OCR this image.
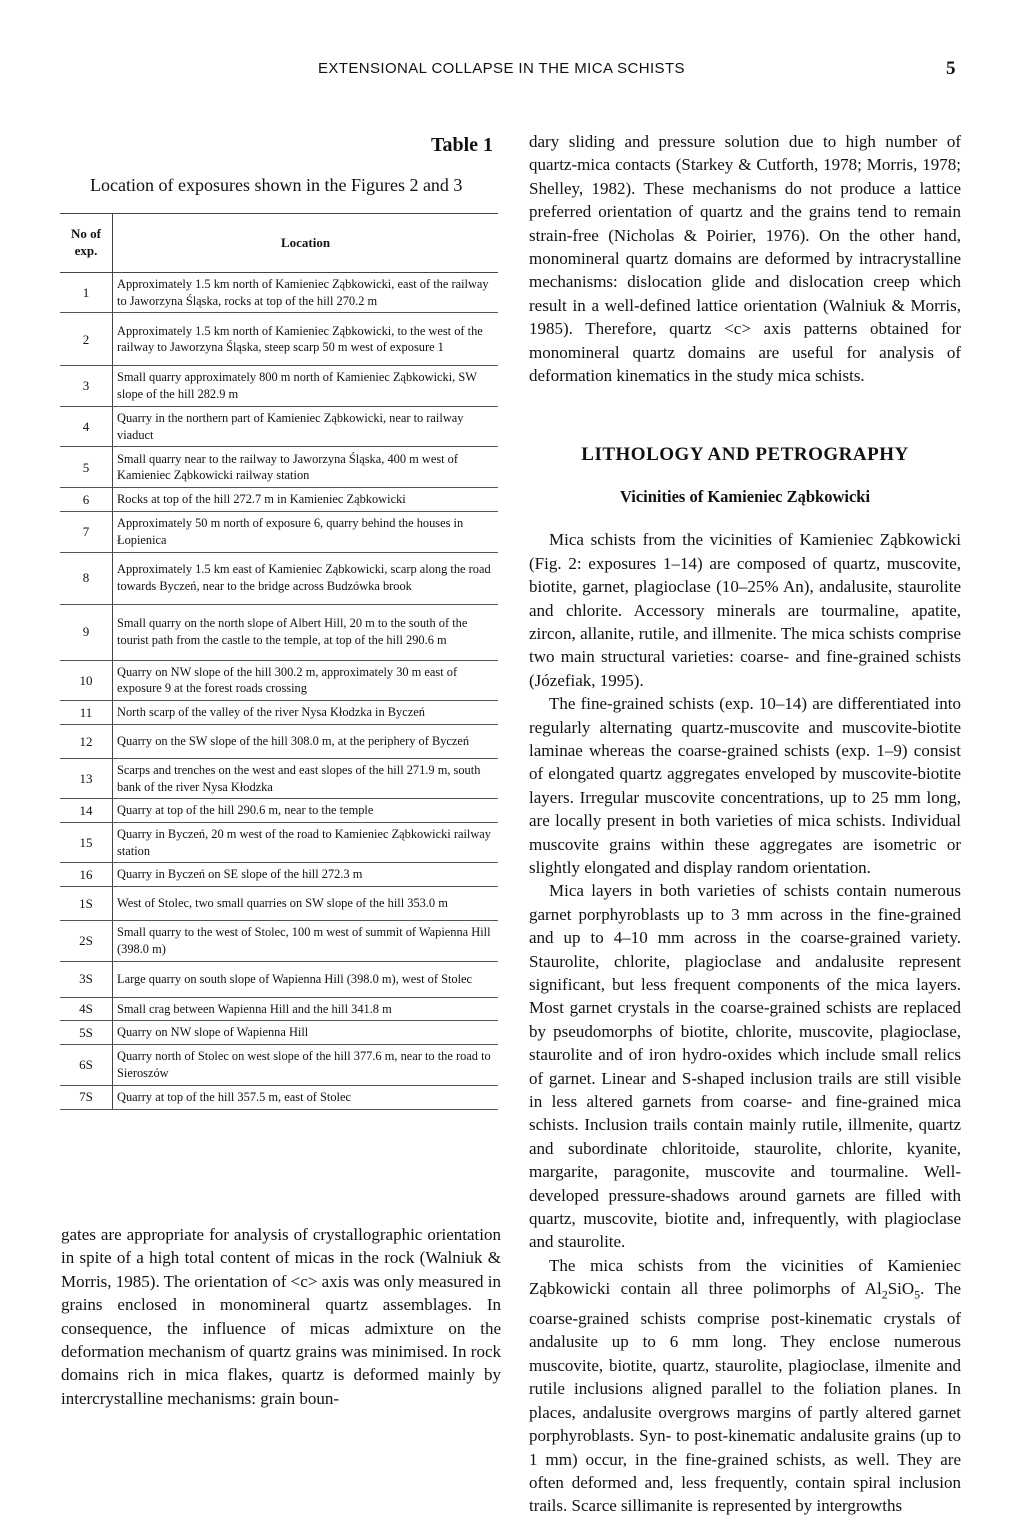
EXTENSIONAL COLLAPSE IN THE MICA SCHISTS	5
Table 1
Location of exposures shown in the Figures 2 and 3
No of exp.	Location
1	Approximately 1.5 km north of Kamieniec Ząbkowicki, east of the railway to Jaworzyna Śląska, rocks at top of the hill 270.2 m
2	Approximately 1.5 km north of Kamieniec Ząbkowicki, to the west of the railway to Jaworzyna Śląska, steep scarp 50 m west of exposure 1
3	Small quarry approximately 800 m north of Kamieniec Ząbkowicki, SW slope of the hill 282.9 m
4	Quarry in the northern part of Kamieniec Ząbkowicki, near to railway viaduct
5	Small quarry near to the railway to Jaworzyna Śląska, 400 m west of Kamieniec Ząbkowicki railway station
6	Rocks at top of the hill 272.7 m in Kamieniec Ząbkowicki
7	Approximately 50 m north of exposure 6, quarry behind the houses in Łopienica
8	Approximately 1.5 km east of Kamieniec Ząbkowicki, scarp along the road towards Byczeń, near to the bridge across Budzówka brook
9	Small quarry on the north slope of Albert Hill, 20 m to the south of the tourist path from the castle to the temple, at top of the hill 290.6 m
10	Quarry on NW slope of the hill 300.2 m, approximately 30 m east of exposure 9 at the forest roads crossing
11	North scarp of the valley of the river Nysa Kłodzka in Byczeń
12	Quarry on the SW slope of the hill 308.0 m, at the periphery of Byczeń
13	Scarps and trenches on the west and east slopes of the hill 271.9 m, south bank of the river Nysa Kłodzka
14	Quarry at top of the hill 290.6 m, near to the temple
15	Quarry in Byczeń, 20 m west of the road to Kamieniec Ząbkowicki railway station
16	Quarry in Byczeń on SE slope of the hill 272.3 m
1S	West of Stolec, two small quarries on SW slope of the hill 353.0 m
2S	Small quarry to the west of Stolec, 100 m west of summit of Wapienna Hill (398.0 m)
3S	Large quarry on south slope of Wapienna Hill (398.0 m), west of Stolec
4S	Small crag between Wapienna Hill and the hill 341.8 m
5S	Quarry on NW slope of Wapienna Hill
6S	Quarry north of Stolec on west slope of the hill 377.6 m, near to the road to Sieroszów
7S	Quarry at top of the hill 357.5 m, east of Stolec
gates are appropriate for analysis of crystallographic orientation in spite of a high total content of micas in the rock (Walniuk & Morris, 1985). The orientation of <c> axis was only measured in grains enclosed in monomineral quartz assemblages. In consequence, the influence of micas admixture on the deformation mechanism of quartz grains was minimised. In rock domains rich in mica flakes, quartz is deformed mainly by intercrystalline mechanisms: grain boun-

dary sliding and pressure solution due to high number of quartz-mica contacts (Starkey & Cutforth, 1978; Morris, 1978; Shelley, 1982). These mechanisms do not produce a lattice preferred orientation of quartz and the grains tend to remain strain-free (Nicholas & Poirier, 1976). On the other hand, monomineral quartz domains are deformed by intracrystalline mechanisms: dislocation glide and dislocation creep which result in a well-defined lattice orientation (Walniuk & Morris, 1985). Therefore, quartz <c> axis patterns obtained for monomineral quartz domains are useful for analysis of deformation kinematics in the study mica schists.

LITHOLOGY AND PETROGRAPHY
Vicinities of Kamieniec Ząbkowicki

Mica schists from the vicinities of Kamieniec Ząbkowicki (Fig. 2: exposures 1–14) are composed of quartz, muscovite, biotite, garnet, plagioclase (10–25% An), andalusite, staurolite and chlorite. Accessory minerals are tourmaline, apatite, zircon, allanite, rutile, and illmenite. The mica schists comprise two main structural varieties: coarse- and fine-grained schists (Józefiak, 1995).

The fine-grained schists (exp. 10–14) are differentiated into regularly alternating quartz-muscovite and muscovite-biotite laminae whereas the coarse-grained schists (exp. 1–9) consist of elongated quartz aggregates enveloped by muscovite-biotite layers. Irregular muscovite concentrations, up to 25 mm long, are locally present in both varieties of mica schists. Individual muscovite grains within these aggregates are isometric or slightly elongated and display random orientation.

Mica layers in both varieties of schists contain numerous garnet porphyroblasts up to 3 mm across in the fine-grained and up to 4–10 mm across in the coarse-grained variety. Staurolite, chlorite, plagioclase and andalusite represent significant, but less frequent components of the mica layers. Most garnet crystals in the coarse-grained schists are replaced by pseudomorphs of biotite, chlorite, muscovite, plagioclase, staurolite and of iron hydro-oxides which include small relics of garnet. Linear and S-shaped inclusion trails are still visible in less altered garnets from coarse- and fine-grained mica schists. Inclusion trails contain mainly rutile, illmenite, quartz and subordinate chloritoide, staurolite, chlorite, kyanite, margarite, paragonite, muscovite and tourmaline. Well-developed pressure-shadows around garnets are filled with quartz, muscovite, biotite and, infrequently, with plagioclase and staurolite.

The mica schists from the vicinities of Kamieniec Ząbkowicki contain all three polimorphs of $Al_2SiO_5$. The coarse-grained schists comprise post-kinematic crystals of andalusite up to 6 mm long. They enclose numerous muscovite, biotite, quartz, staurolite, plagioclase, ilmenite and rutile inclusions aligned parallel to the foliation planes. In places, andalusite overgrows margins of partly altered garnet porphyroblasts. Syn- to post-kinematic andalusite grains (up to 1 mm) occur, in the fine-grained schists, as well. They are often deformed and, less frequently, contain spiral inclusion trails. Scarce sillimanite is represented by intergrowths
